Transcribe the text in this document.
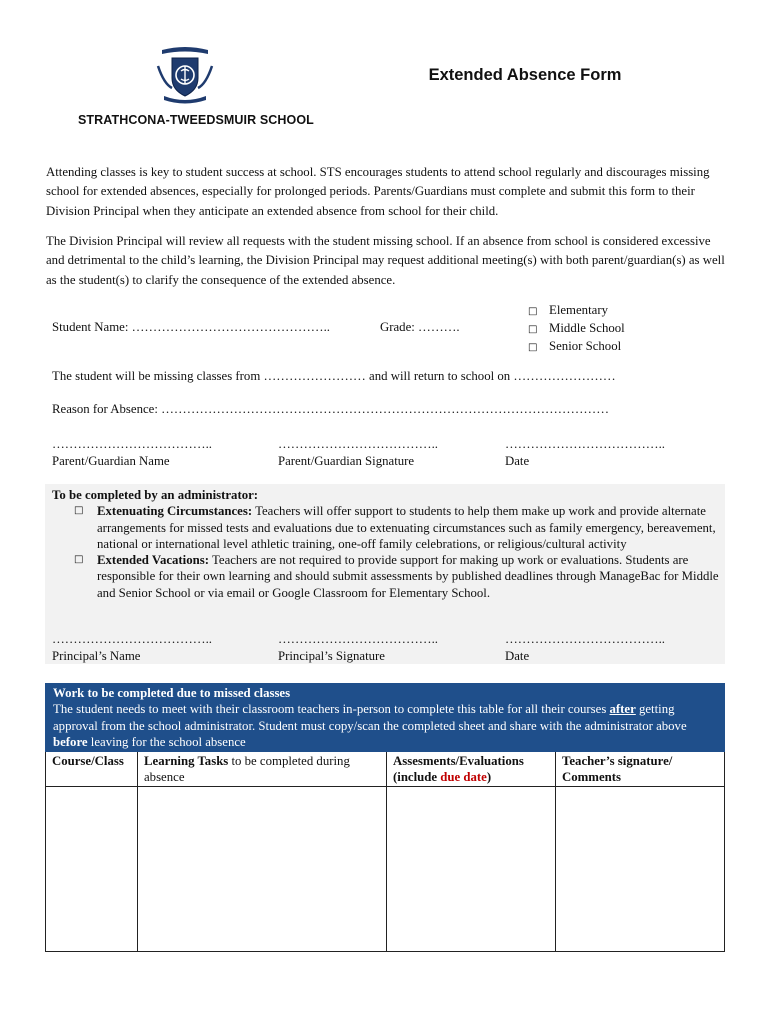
Extended Absence Form
STRATHCONA-TWEEDSMUIR SCHOOL

Attending classes is key to student success at school. STS encourages students to attend school regularly and discourages missing school for extended absences, especially for prolonged periods. Parents/Guardians must complete and submit this form to their Division Principal when they anticipate an extended absence from school for their child.

The Division Principal will review all requests with the student missing school. If an absence from school is considered excessive and detrimental to the child’s learning, the Division Principal may request additional meeting(s) with both parent/guardian(s) as well as the student(s) to clarify the consequence of the extended absence.

Student Name: ………………………………………..	Grade: ……….
□ Elementary
□ Middle School
□ Senior School
The student will be missing classes from …………………… and will return to school on ……………………
Reason for Absence: ……………………………………………………………………………………………
………………………………..
Parent/Guardian Name
………………………………..
Parent/Guardian Signature
………………………………..
Date
To be completed by an administrator:
□ Extenuating Circumstances: Teachers will offer support to students to help them make up work and provide alternate arrangements for missed tests and evaluations due to extenuating circumstances such as family emergency, bereavement, national or international level athletic training, one-off family celebrations, or religious/cultural activity
□ Extended Vacations: Teachers are not required to provide support for making up work or evaluations. Students are responsible for their own learning and should submit assessments by published deadlines through ManageBac for Middle and Senior School or via email or Google Classroom for Elementary School.
………………………………..
Principal’s Name
………………………………..
Principal’s Signature
………………………………..
Date
Work to be completed due to missed classes
The student needs to meet with their classroom teachers in-person to complete this table for all their courses after getting approval from the school administrator. Student must copy/scan the completed sheet and share with the administrator above before leaving for the school absence			
Course/Class	Learning Tasks to be completed during absence	Assesments/Evaluations (include due date)	Teacher’s signature/ Comments
